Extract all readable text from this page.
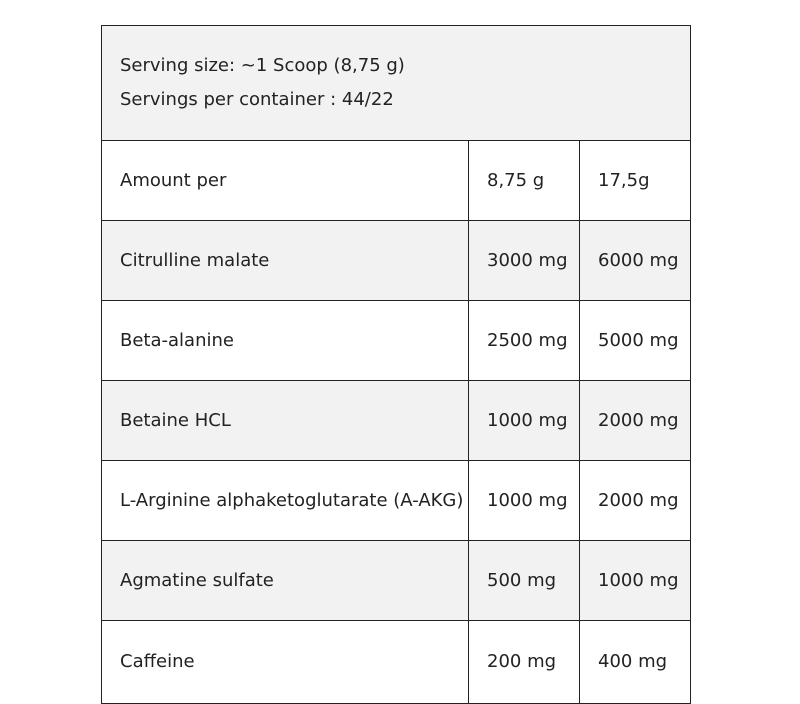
Serving size: ~1 Scoop (8,75 g)
Servings per container : 44/22		

Amount per	8,75 g	17,5g
Citrulline malate	3000 mg	6000 mg
Beta-alanine	2500 mg	5000 mg
Betaine HCL	1000 mg	2000 mg
L-Arginine alphaketoglutarate (A-AKG)	1000 mg	2000 mg
Agmatine sulfate	500 mg	1000 mg
Caffeine	200 mg	400 mg
